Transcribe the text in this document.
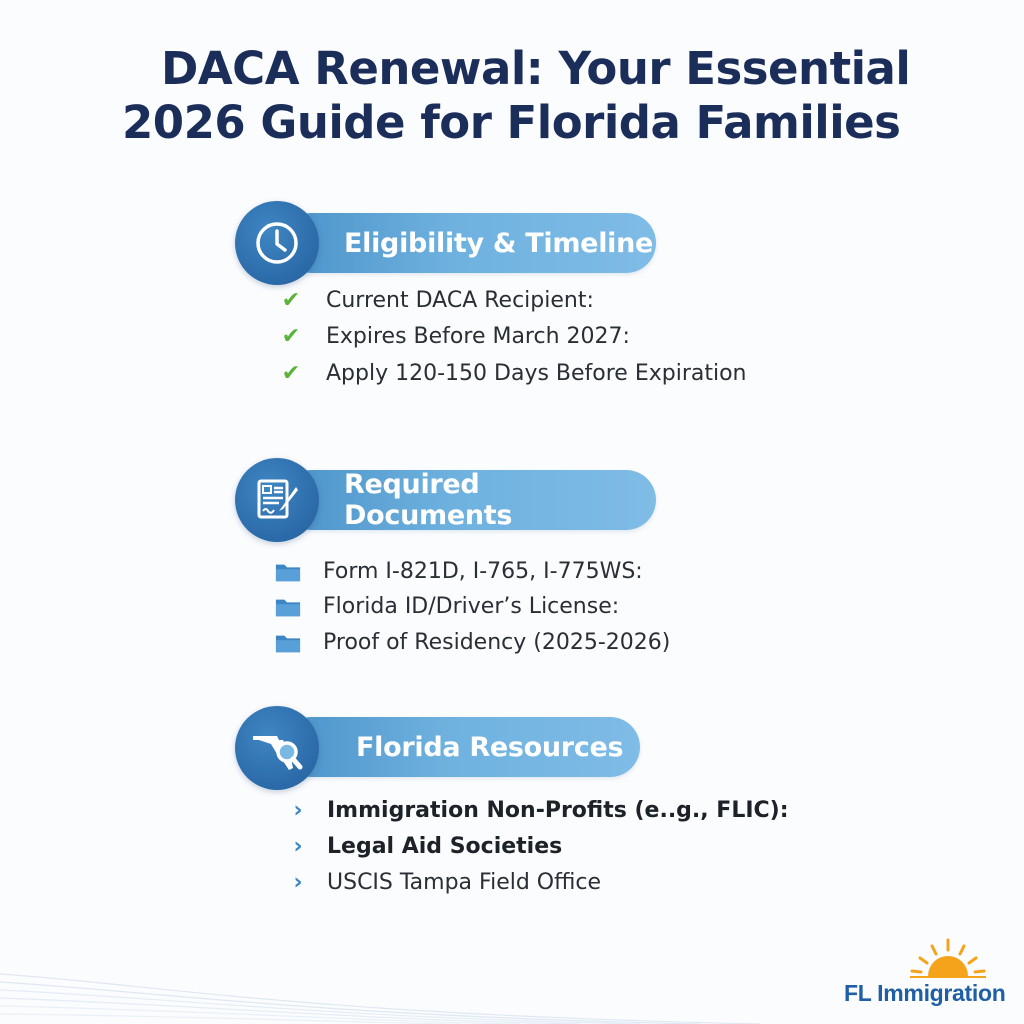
DACA Renewal: Your Essential
2026 Guide for Florida Families
Eligibility & Timeline
✔ Current DACA Recipient:
✔ Expires Before March 2027:
✔ Apply 120-150 Days Before Expiration
Required Documents
Form I-821D, I-765, I-775WS:
Florida ID/Driver’s License:
Proof of Residency (2025-2026)
Florida Resources
› Immigration Non-Profits (e..g., FLIC):
› Legal Aid Societies
› USCIS Tampa Field Office
FL Immigration
